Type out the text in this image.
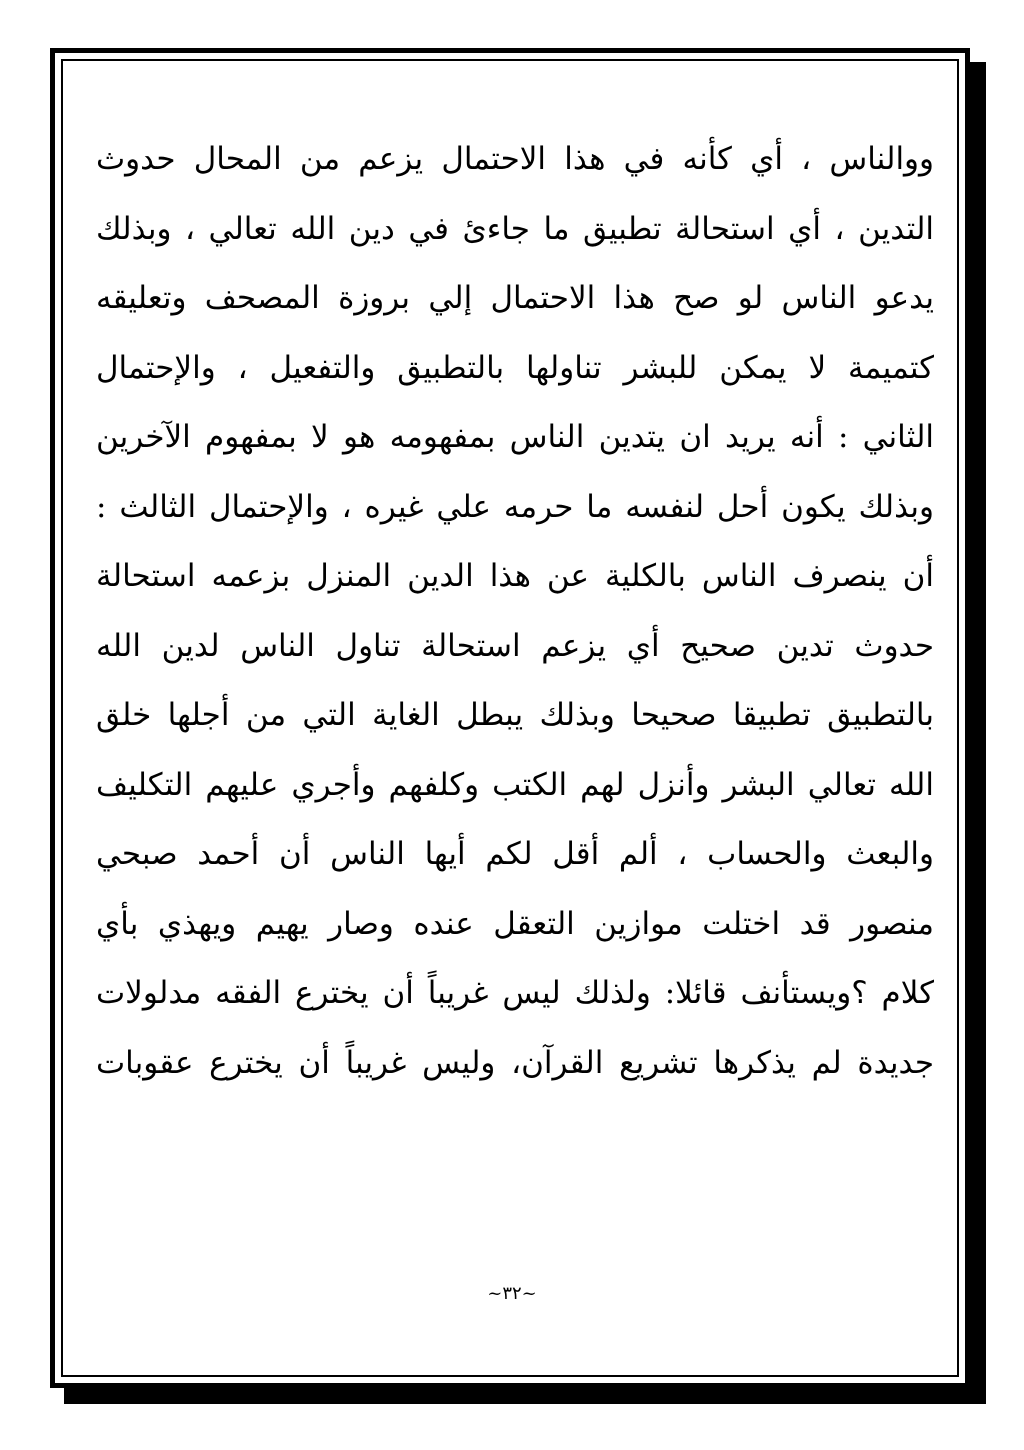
ووالناس ، أي كأنه في هذا الاحتمال يزعم من المحال حدوث
التدين ، أي استحالة تطبيق ما جاءئ في دين الله تعالي ، وبذلك
يدعو الناس لو صح هذا الاحتمال إلي بروزة المصحف وتعليقه
كتميمة لا يمكن للبشر تناولها بالتطبيق والتفعيل ، والإحتمال
الثاني : أنه يريد ان يتدين الناس بمفهومه هو لا بمفهوم الآخرين
وبذلك يكون أحل لنفسه ما حرمه علي غيره ، والإحتمال الثالث :
أن ينصرف الناس بالكلية عن هذا الدين المنزل بزعمه استحالة
حدوث تدين صحيح أي يزعم استحالة تناول الناس لدين الله
بالتطبيق تطبيقا صحيحا وبذلك يبطل الغاية التي من أجلها خلق
الله تعالي البشر وأنزل لهم الكتب وكلفهم وأجري عليهم التكليف
والبعث والحساب ، ألم أقل لكم أيها الناس أن أحمد صبحي
منصور قد اختلت موازين التعقل عنده وصار يهيم ويهذي بأي
كلام ؟ويستأنف قائلا: ولذلك ليس غريباً أن يخترع الفقه مدلولات
جديدة لم يذكرها تشريع القرآن، وليس غريباً أن يخترع عقوبات
~٣٢~
